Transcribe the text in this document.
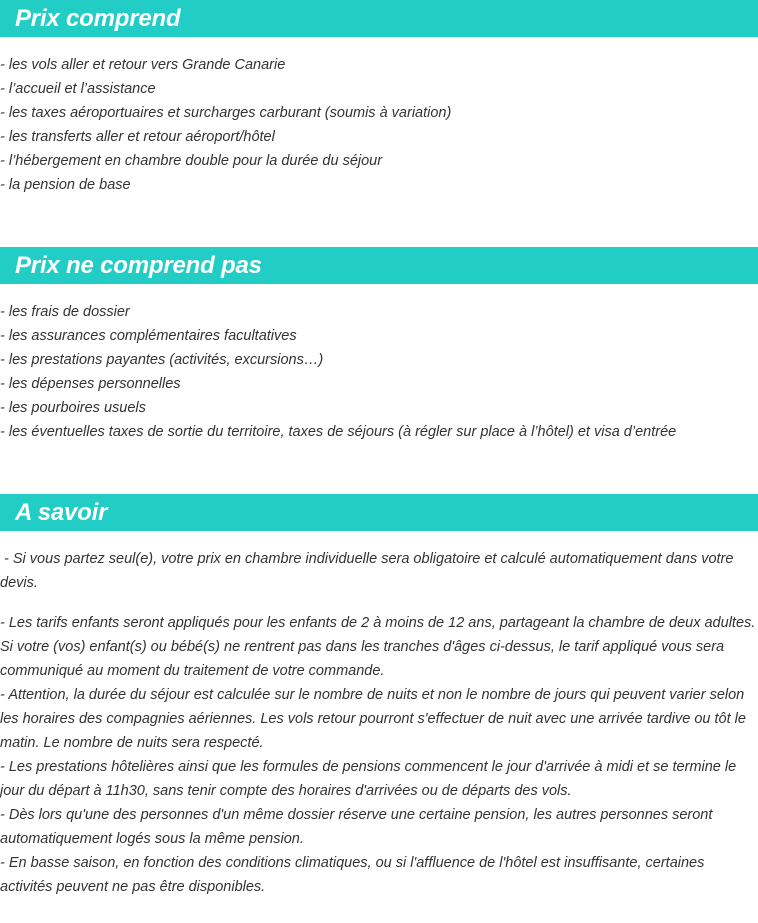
Prix comprend
- les vols aller et retour vers Grande Canarie
- l’accueil et l’assistance
- les taxes aéroportuaires et surcharges carburant (soumis à variation)
- les transferts aller et retour aéroport/hôtel
- l’hébergement en chambre double pour la durée du séjour
- la pension de base
Prix ne comprend pas
- les frais de dossier
- les assurances complémentaires facultatives
- les prestations payantes (activités, excursions…)
- les dépenses personnelles
- les pourboires usuels
- les éventuelles taxes de sortie du territoire, taxes de séjours (à régler sur place à l’hôtel) et visa d’entrée
A savoir

- Si vous partez seul(e), votre prix en chambre individuelle sera obligatoire et calculé automatiquement dans votre devis.

- Les tarifs enfants seront appliqués pour les enfants de 2 à moins de 12 ans, partageant la chambre de deux adultes.

Si votre (vos) enfant(s) ou bébé(s) ne rentrent pas dans les tranches d'âges ci-dessus, le tarif appliqué vous sera communiqué au moment du traitement de votre commande.

- Attention, la durée du séjour est calculée sur le nombre de nuits et non le nombre de jours qui peuvent varier selon les horaires des compagnies aériennes. Les vols retour pourront s'effectuer de nuit avec une arrivée tardive ou tôt le matin. Le nombre de nuits sera respecté.

- Les prestations hôtelières ainsi que les formules de pensions commencent le jour d'arrivée à midi et se termine le jour du départ à 11h30, sans tenir compte des horaires d'arrivées ou de départs des vols.

- Dès lors qu'une des personnes d'un même dossier réserve une certaine pension, les autres personnes seront automatiquement logés sous la même pension.

- En basse saison, en fonction des conditions climatiques, ou si l'affluence de l'hôtel est insuffisante, certaines activités peuvent ne pas être disponibles.
